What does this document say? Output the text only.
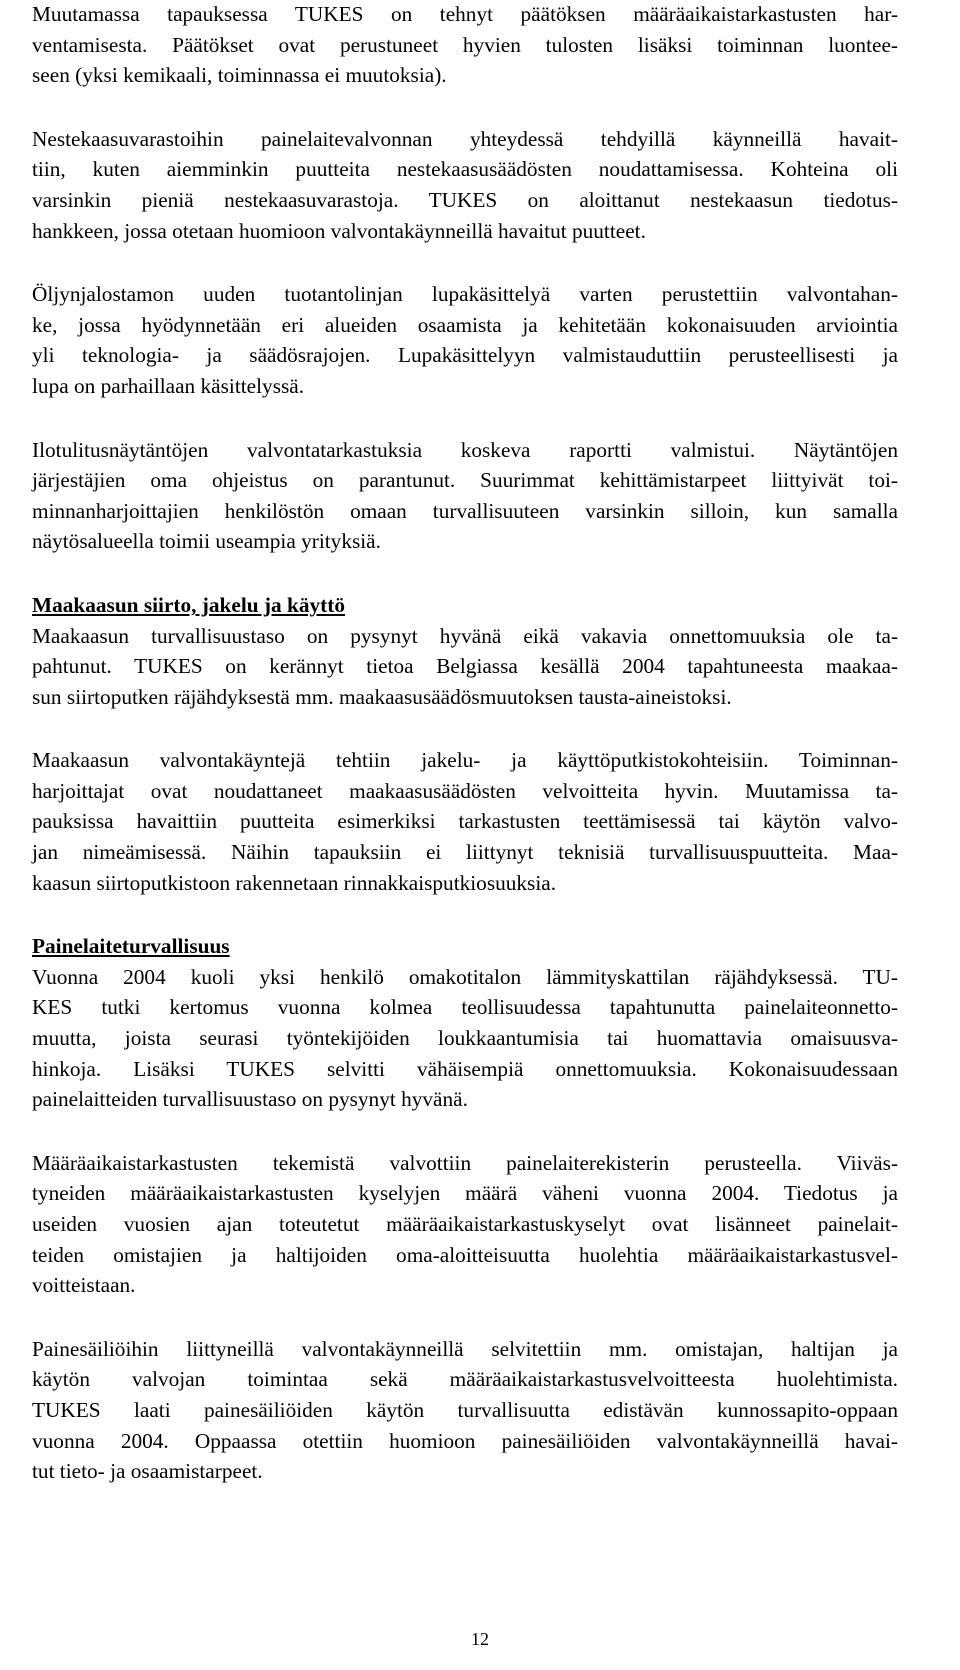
Muutamassa tapauksessa TUKES on tehnyt päätöksen määräaikaistarkastusten har-
ventamisesta. Päätökset ovat perustuneet hyvien tulosten lisäksi toiminnan luontee-
seen (yksi kemikaali, toiminnassa ei muutoksia).
Nestekaasuvarastoihin painelaitevalvonnan yhteydessä tehdyillä käynneillä havait-
tiin, kuten aiemminkin puutteita nestekaasusäädösten noudattamisessa. Kohteina oli
varsinkin pieniä nestekaasuvarastoja. TUKES on aloittanut nestekaasun tiedotus-
hankkeen, jossa otetaan huomioon valvontakäynneillä havaitut puutteet.
Öljynjalostamon uuden tuotantolinjan lupakäsittelyä varten perustettiin valvontahan-
ke, jossa hyödynnetään eri alueiden osaamista ja kehitetään kokonaisuuden arviointia
yli teknologia- ja säädösrajojen. Lupakäsittelyyn valmistauduttiin perusteellisesti ja
lupa on parhaillaan käsittelyssä.
Ilotulitusnäytäntöjen valvontatarkastuksia koskeva raportti valmistui. Näytäntöjen
järjestäjien oma ohjeistus on parantunut. Suurimmat kehittämistarpeet liittyivät toi-
minnanharjoittajien henkilöstön omaan turvallisuuteen varsinkin silloin, kun samalla
näytösalueella toimii useampia yrityksiä.
Maakaasun siirto, jakelu ja käyttö
Maakaasun turvallisuustaso on pysynyt hyvänä eikä vakavia onnettomuuksia ole ta-
pahtunut. TUKES on kerännyt tietoa Belgiassa kesällä 2004 tapahtuneesta maakaa-
sun siirtoputken räjähdyksestä mm. maakaasusäädösmuutoksen tausta-aineistoksi.
Maakaasun valvontakäyntejä tehtiin jakelu- ja käyttöputkistokohteisiin. Toiminnan-
harjoittajat ovat noudattaneet maakaasusäädösten velvoitteita hyvin. Muutamissa ta-
pauksissa havaittiin puutteita esimerkiksi tarkastusten teettämisessä tai käytön valvo-
jan nimeämisessä. Näihin tapauksiin ei liittynyt teknisiä turvallisuuspuutteita. Maa-
kaasun siirtoputkistoon rakennetaan rinnakkaisputkiosuuksia.
Painelaiteturvallisuus
Vuonna 2004 kuoli yksi henkilö omakotitalon lämmityskattilan räjähdyksessä. TU-
KES tutki kertomus vuonna kolmea teollisuudessa tapahtunutta painelaiteonnetto-
muutta, joista seurasi työntekijöiden loukkaantumisia tai huomattavia omaisuusva-
hinkoja. Lisäksi TUKES selvitti vähäisempiä onnettomuuksia. Kokonaisuudessaan
painelaitteiden turvallisuustaso on pysynyt hyvänä.
Määräaikaistarkastusten tekemistä valvottiin painelaiterekisterin perusteella. Viiväs-
tyneiden määräaikaistarkastusten kyselyjen määrä väheni vuonna 2004. Tiedotus ja
useiden vuosien ajan toteutetut määräaikaistarkastuskyselyt ovat lisänneet painelait-
teiden omistajien ja haltijoiden oma-aloitteisuutta huolehtia määräaikaistarkastusvel-
voitteistaan.
Painesäiliöihin liittyneillä valvontakäynneillä selvitettiin mm. omistajan, haltijan ja
käytön valvojan toimintaa sekä määräaikaistarkastusvelvoitteesta huolehtimista.
TUKES laati painesäiliöiden käytön turvallisuutta edistävän kunnossapito-oppaan
vuonna 2004. Oppaassa otettiin huomioon painesäiliöiden valvontakäynneillä havai-
tut tieto- ja osaamistarpeet.
12
